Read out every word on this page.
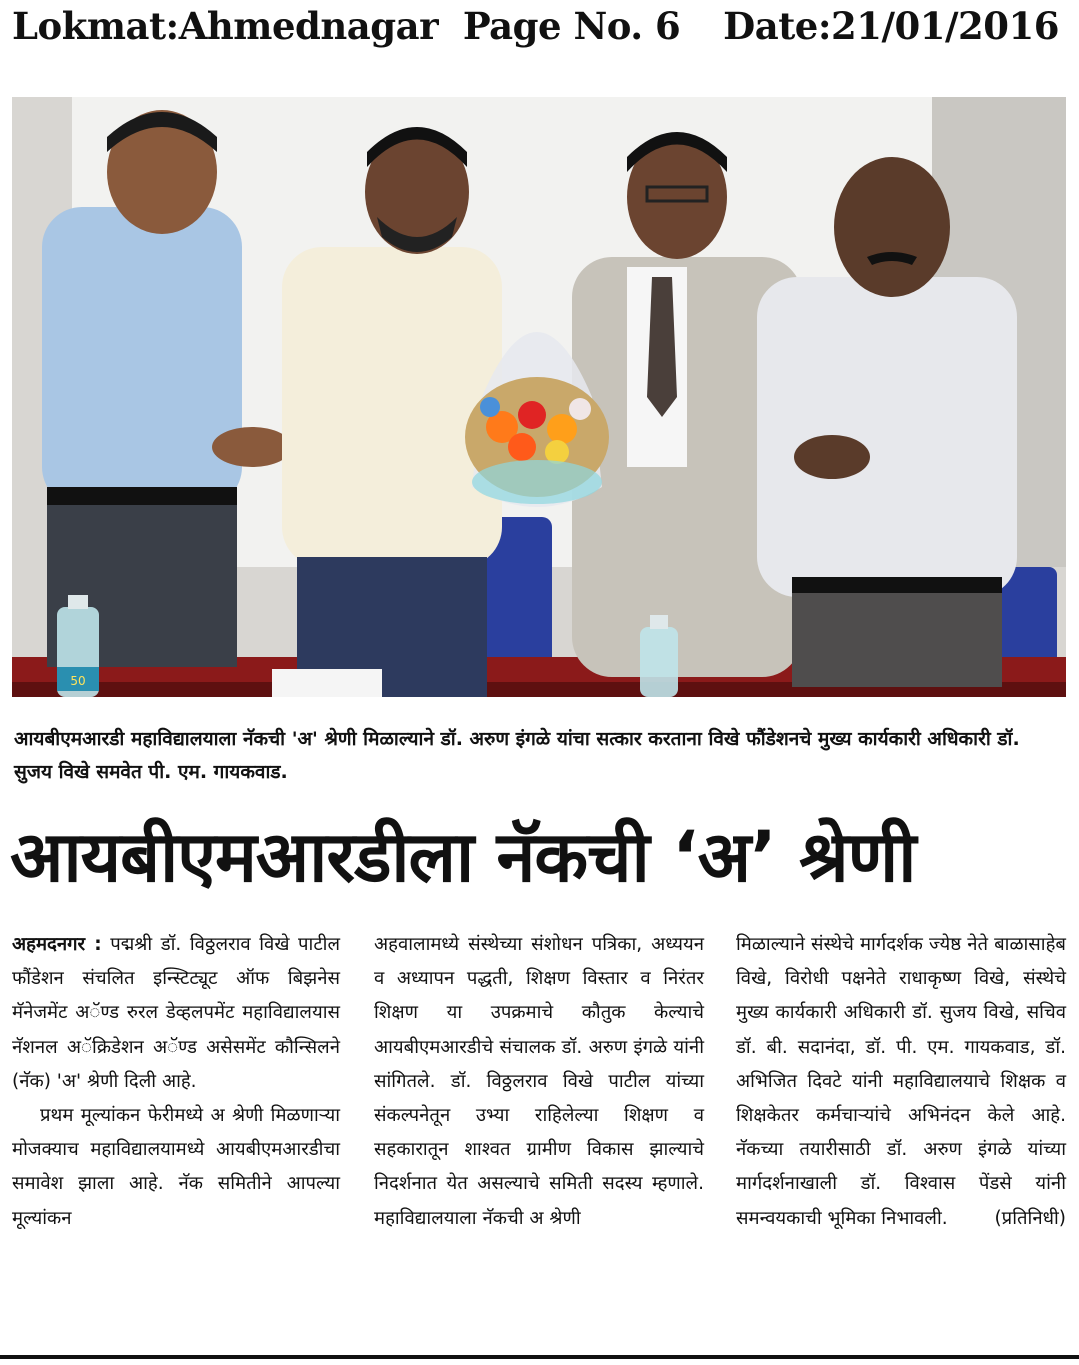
Lokmat:Ahmednagar  Page No. 6 Date:21/01/2016
50
आयबीएमआरडी महाविद्यालयाला नॅकची 'अ' श्रेणी मिळाल्याने डॉ. अरुण इंगळे यांचा सत्कार करताना विखे फौंडेशनचे मुख्य कार्यकारी अधिकारी डॉ. सुजय विखे समवेत पी. एम. गायकवाड.
आयबीएमआरडीला नॅकची ‘अ’ श्रेणी

अहमदनगर : पद्मश्री डॉ. विठ्ठलराव विखे पाटील फौंडेशन संचलित इन्स्टिट्यूट ऑफ बिझनेस मॅनेजमेंट अॅण्ड रुरल डेव्हलपमेंट महाविद्यालयास नॅशनल अॅक्रिडेशन अॅण्ड असेसमेंट कौन्सिलने (नॅक) 'अ' श्रेणी दिली आहे.

प्रथम मूल्यांकन फेरीमध्ये अ श्रेणी मिळणाऱ्या मोजक्याच महाविद्यालयामध्ये आयबीएमआरडीचा समावेश झाला आहे. नॅक समितीने आपल्या मूल्यांकन

अहवालामध्ये संस्थेच्या संशोधन पत्रिका, अध्ययन व अध्यापन पद्धती, शिक्षण विस्तार व निरंतर शिक्षण या उपक्रमाचे कौतुक केल्याचे आयबीएमआरडीचे संचालक डॉ. अरुण इंगळे यांनी सांगितले. डॉ. विठ्ठलराव विखे पाटील यांच्या संकल्पनेतून उभ्या राहिलेल्या शिक्षण व सहकारातून शाश्वत ग्रामीण विकास झाल्याचे निदर्शनात येत असल्याचे समिती सदस्य म्हणाले. महाविद्यालयाला नॅकची अ श्रेणी

मिळाल्याने संस्थेचे मार्गदर्शक ज्येष्ठ नेते बाळासाहेब विखे, विरोधी पक्षनेते राधाकृष्ण विखे, संस्थेचे मुख्य कार्यकारी अधिकारी डॉ. सुजय विखे, सचिव डॉ. बी. सदानंदा, डॉ. पी. एम. गायकवाड, डॉ. अभिजित दिवटे यांनी महाविद्यालयाचे शिक्षक व शिक्षकेतर कर्मचाऱ्यांचे अभिनंदन केले आहे. नॅकच्या तयारीसाठी डॉ. अरुण इंगळे यांच्या मार्गदर्शनाखाली डॉ. विश्वास पेंडसे यांनी समन्वयकाची भूमिका निभावली.	(प्रतिनिधी)
